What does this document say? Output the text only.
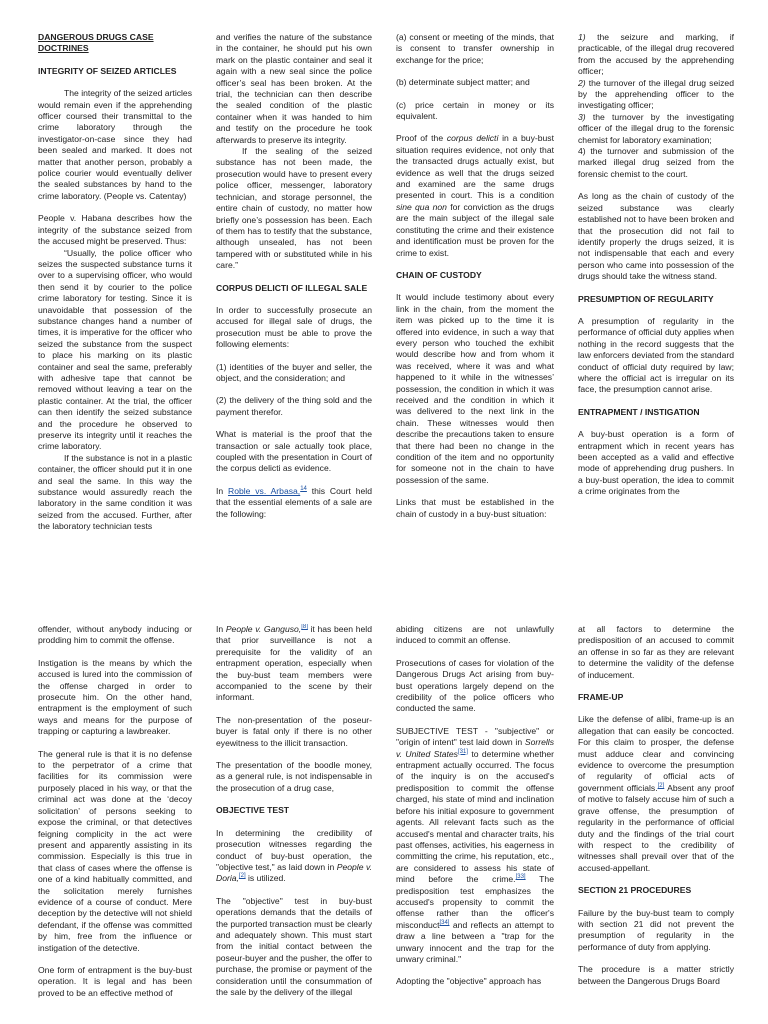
DANGEROUS DRUGS CASE DOCTRINES

INTEGRITY OF SEIZED ARTICLES

The integrity of the seized articles would remain even if the apprehending officer coursed their transmittal to the crime laboratory through the investigator-on-case since they had been sealed and marked. It does not matter that another person, probably a police courier would eventually deliver the sealed substances by hand to the crime laboratory. (People vs. Catentay)

People v. Habana describes how the integrity of the substance seized from the accused might be preserved. Thus:

“Usually, the police officer who seizes the suspected substance turns it over to a supervising officer, who would then send it by courier to the police crime laboratory for testing. Since it is unavoidable that possession of the substance changes hand a number of times, it is imperative for the officer who seized the substance from the suspect to place his marking on its plastic container and seal the same, preferably with adhesive tape that cannot be removed without leaving a tear on the plastic container. At the trial, the officer can then identify the seized substance and the procedure he observed to preserve its integrity until it reaches the crime laboratory.

If the substance is not in a plastic container, the officer should put it in one and seal the same. In this way the substance would assuredly reach the laboratory in the same condition it was seized from the accused. Further, after the laboratory technician tests

and verifies the nature of the substance in the container, he should put his own mark on the plastic container and seal it again with a new seal since the police officer’s seal has been broken. At the trial, the technician can then describe the sealed condition of the plastic container when it was handed to him and testify on the procedure he took afterwards to preserve its integrity.

If the sealing of the seized substance has not been made, the prosecution would have to present every police officer, messenger, laboratory technician, and storage personnel, the entire chain of custody, no matter how briefly one’s possession has been. Each of them has to testify that the substance, although unsealed, has not been tampered with or substituted while in his care.”

CORPUS DELICTI OF ILLEGAL SALE

In order to successfully prosecute an accused for illegal sale of drugs, the prosecution must be able to prove the following elements:

(1) identities of the buyer and seller, the object, and the consideration; and

(2) the delivery of the thing sold and the payment therefor.

What is material is the proof that the transaction or sale actually took place, coupled with the presentation in Court of the corpus delicti as evidence.

In Roble vs. Arbasa,$^{14}$ this Court held that the essential elements of a sale are the following:

(a) consent or meeting of the minds, that is consent to transfer ownership in exchange for the price;

(b) determinate subject matter; and

(c) price certain in money or its equivalent.

Proof of the corpus delicti in a buy-bust situation requires evidence, not only that the transacted drugs actually exist, but evidence as well that the drugs seized and examined are the same drugs presented in court. This is a condition sine qua non for conviction as the drugs are the main subject of the illegal sale constituting the crime and their existence and identification must be proven for the crime to exist.

CHAIN OF CUSTODY

It would include testimony about every link in the chain, from the moment the item was picked up to the time it is offered into evidence, in such a way that every person who touched the exhibit would describe how and from whom it was received, where it was and what happened to it while in the witnesses’ possession, the condition in which it was received and the condition in which it was delivered to the next link in the chain. These witnesses would then describe the precautions taken to ensure that there had been no change in the condition of the item and no opportunity for someone not in the chain to have possession of the same.

Links that must be established in the chain of custody in a buy-bust situation:

1) the seizure and marking, if practicable, of the illegal drug recovered from the accused by the apprehending officer;

2) the turnover of the illegal drug seized by the apprehending officer to the investigating officer;

3) the turnover by the investigating officer of the illegal drug to the forensic chemist for laboratory examination;

4) the turnover and submission of the marked illegal drug seized from the forensic chemist to the court.

As long as the chain of custody of the seized substance was clearly established not to have been broken and that the prosecution did not fail to identify properly the drugs seized, it is not indispensable that each and every person who came into possession of the drugs should take the witness stand.

PRESUMPTION OF REGULARITY

A presumption of regularity in the performance of official duty applies when nothing in the record suggests that the law enforcers deviated from the standard conduct of official duty required by law; where the official act is irregular on its face, the presumption cannot arise.

ENTRAPMENT / INSTIGATION

A buy-bust operation is a form of entrapment which in recent years has been accepted as a valid and effective mode of apprehending drug pushers. In a buy-bust operation, the idea to commit a crime originates from the

offender, without anybody inducing or prodding him to commit the offense.

Instigation is the means by which the accused is lured into the commission of the offense charged in order to prosecute him. On the other hand, entrapment is the employment of such ways and means for the purpose of trapping or capturing a lawbreaker.

The general rule is that it is no defense to the perpetrator of a crime that facilities for its commission were purposely placed in his way, or that the criminal act was done at the ‘decoy solicitation’ of persons seeking to expose the criminal, or that detectives feigning complicity in the act were present and apparently assisting in its commission. Especially is this true in that class of cases where the offense is one of a kind habitually committed, and the solicitation merely furnishes evidence of a course of conduct. Mere deception by the detective will not shield defendant, if the offense was committed by him, free from the influence or instigation of the detective.

One form of entrapment is the buy-bust operation. It is legal and has been proved to be an effective method of

In People v. Ganguso,[8] it has been held that prior surveillance is not a prerequisite for the validity of an entrapment operation, especially when the buy-bust team members were accompanied to the scene by their informant.

The non-presentation of the poseur-buyer is fatal only if there is no other eyewitness to the illicit transaction.

The presentation of the boodle money, as a general rule, is not indispensable in the prosecution of a drug case,

OBJECTIVE TEST

In determining the credibility of prosecution witnesses regarding the conduct of buy-bust operation, the "objective test," as laid down in People v. Doria,[2] is utilized.

The "objective" test in buy-bust operations demands that the details of the purported transaction must be clearly and adequately shown. This must start from the initial contact between the poseur-buyer and the pusher, the offer to purchase, the promise or payment of the consideration until the consummation of the sale by the delivery of the illegal

abiding citizens are not unlawfully induced to commit an offense.

Prosecutions of cases for violation of the Dangerous Drugs Act arising from buy-bust operations largely depend on the credibility of the police officers who conducted the same.

SUBJECTIVE TEST - "subjective" or "origin of intent" test laid down in Sorrells v. United States[31] to determine whether entrapment actually occurred. The focus of the inquiry is on the accused's predisposition to commit the offense charged, his state of mind and inclination before his initial exposure to government agents. All relevant facts such as the accused's mental and character traits, his past offenses, activities, his eagerness in committing the crime, his reputation, etc., are considered to assess his state of mind before the crime.[33] The predisposition test emphasizes the accused's propensity to commit the offense rather than the officer's misconduct[34] and reflects an attempt to draw a line between a "trap for the unwary innocent and the trap for the unwary criminal."

Adopting the "objective" approach has

at all factors to determine the predisposition of an accused to commit an offense in so far as they are relevant to determine the validity of the defense of inducement.

FRAME-UP

Like the defense of alibi, frame-up is an allegation that can easily be concocted. For this claim to prosper, the defense must adduce clear and convincing evidence to overcome the presumption of regularity of official acts of government officials.[2] Absent any proof of motive to falsely accuse him of such a grave offense, the presumption of regularity in the performance of official duty and the findings of the trial court with respect to the credibility of witnesses shall prevail over that of the accused-appellant.

SECTION 21 PROCEDURES

Failure by the buy-bust team to comply with section 21 did not prevent the presumption of regularity in the performance of duty from applying.

The procedure is a matter strictly between the Dangerous Drugs Board
